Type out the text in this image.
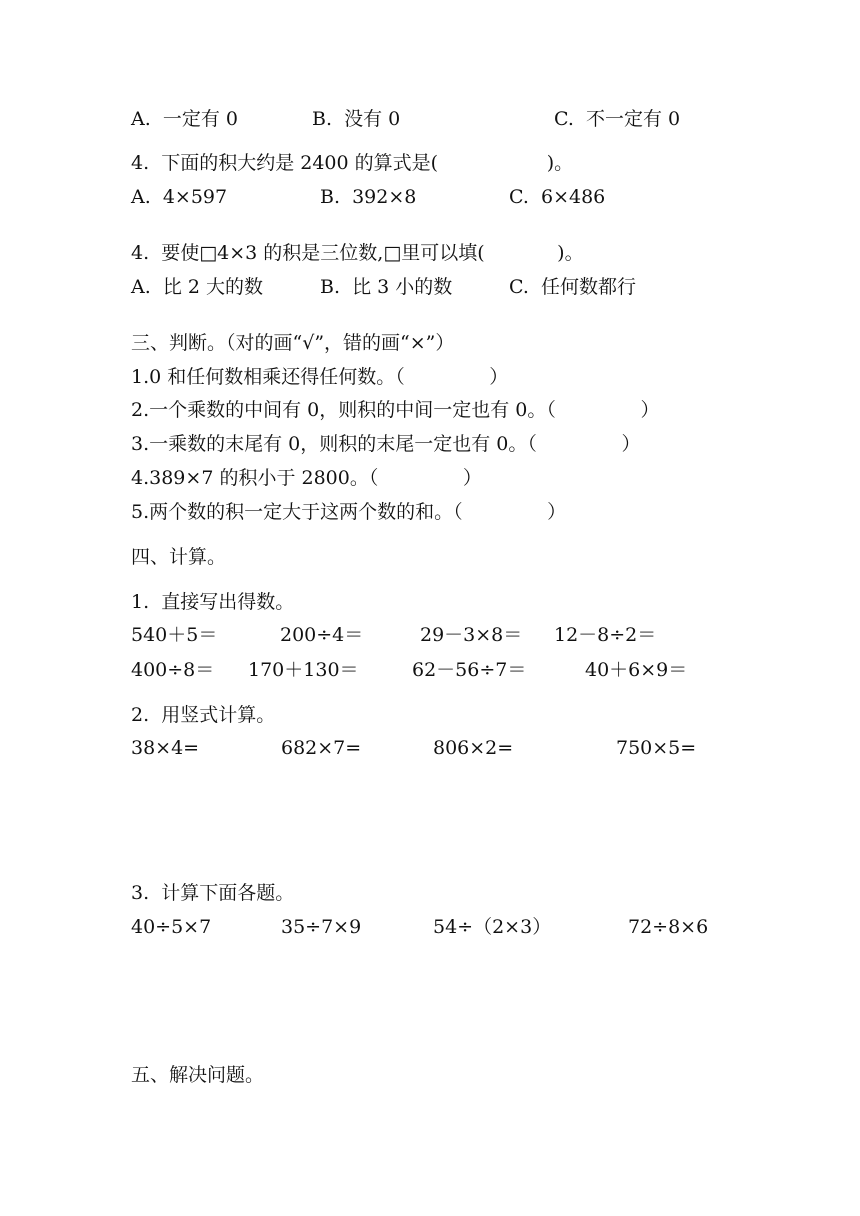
A.  一定有 0	B.  没有 0	C.  不一定有 0
4.  下面的积大约是 2400 的算式是(                  )。
A.  4×597	B.  392×8	C.  6×486
4.  要使□4×3 的积是三位数,□里可以填(            )。
A.  比 2 大的数	B.  比 3 小的数	C.  任何数都行
三、判断。（对的画“√”，错的画“×”）
1.0 和任何数相乘还得任何数。（              ）
2.一个乘数的中间有 0，则积的中间一定也有 0。（              ）
3.一乘数的末尾有 0，则积的末尾一定也有 0。（              ）
4.389×7 的积小于 2800。（              ）
5.两个数的积一定大于这两个数的和。（              ）
四、计算。
1.  直接写出得数。
540＋5＝	200÷4＝	29－3×8＝ 12－8÷2＝
400÷8＝ 170＋130＝	62－56÷7＝	40＋6×9＝
2.  用竖式计算。
38×4=	682×7=	806×2=	750×5=
3.  计算下面各题。
40÷5×7	35÷7×9	54÷（2×3）	72÷8×6
五、解决问题。
